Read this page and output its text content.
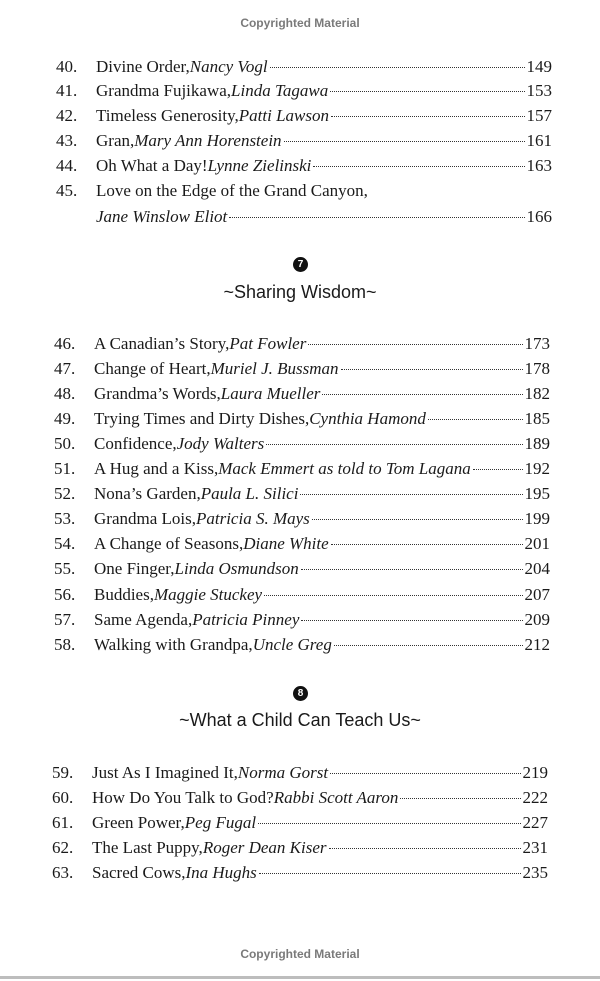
Copyrighted Material
40.	Divine Order, Nancy Vogl	149
41.	Grandma Fujikawa, Linda Tagawa	153
42.	Timeless Generosity, Patti Lawson	157
43.	Gran, Mary Ann Horenstein	161
44.	Oh What a Day! Lynne Zielinski	163
45.	Love on the Edge of the Grand Canyon,
Jane Winslow Eliot	166
7
~Sharing Wisdom~
46.	A Canadian’s Story, Pat Fowler	173
47.	Change of Heart, Muriel J. Bussman	178
48.	Grandma’s Words, Laura Mueller	182
49.	Trying Times and Dirty Dishes, Cynthia Hamond	185
50.	Confidence, Jody Walters	189
51.	A Hug and a Kiss, Mack Emmert as told to Tom Lagana	192
52.	Nona’s Garden, Paula L. Silici	195
53.	Grandma Lois, Patricia S. Mays	199
54.	A Change of Seasons, Diane White	201
55.	One Finger, Linda Osmundson	204
56.	Buddies, Maggie Stuckey	207
57.	Same Agenda, Patricia Pinney	209
58.	Walking with Grandpa, Uncle Greg	212
8
~What a Child Can Teach Us~
59.	Just As I Imagined It, Norma Gorst	219
60.	How Do You Talk to God? Rabbi Scott Aaron	222
61.	Green Power, Peg Fugal	227
62.	The Last Puppy, Roger Dean Kiser	231
63.	Sacred Cows, Ina Hughs	235
Copyrighted Material
